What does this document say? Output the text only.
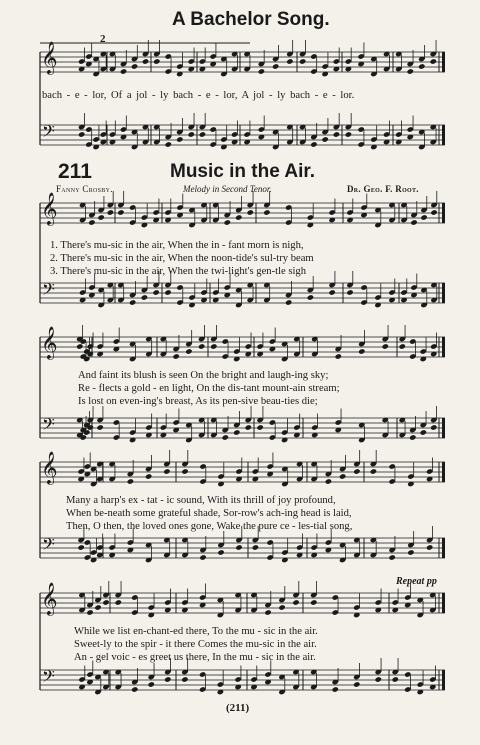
A Bachelor Song.
2
bach - e - lor, Of a jol - ly bach - e - lor, A jol - ly bach - e - lor.
211	Music in the Air.
Fanny Crosby.	Melody in Second Tenor.	Dr. Geo. F. Root.
1. There's mu-sic in the air, When the in - fant morn is nigh,
2. There's mu-sic in the air, When the noon-tide's sul-try beam
3. There's mu-sic in the air, When the twi-light's gen-tle sigh
And faint its blush is seen On the bright and laugh-ing sky;
Re - flects a gold - en light, On the dis-tant mount-ain stream;
Is lost on even-ing's breast, As its pen-sive beau-ties die;
Many a harp's ex - tat - ic sound, With its thrill of joy profound,
When be-neath some grateful shade, Sor-row's ach-ing head is laid,
Then, O then, the loved ones gone, Wake the pure ce - les-tial song,
Repeat pp
While we list en-chant-ed there, To the mu - sic in the air.
Sweet-ly to the spir - it there Comes the mu-sic in the air.
An - gel voic - es greet us there, In the mu - sic in the air.
(211)
𝄞
𝄢
𝄞
𝄢
𝄞
𝄢
𝄞
𝄢
𝄞
𝄢
